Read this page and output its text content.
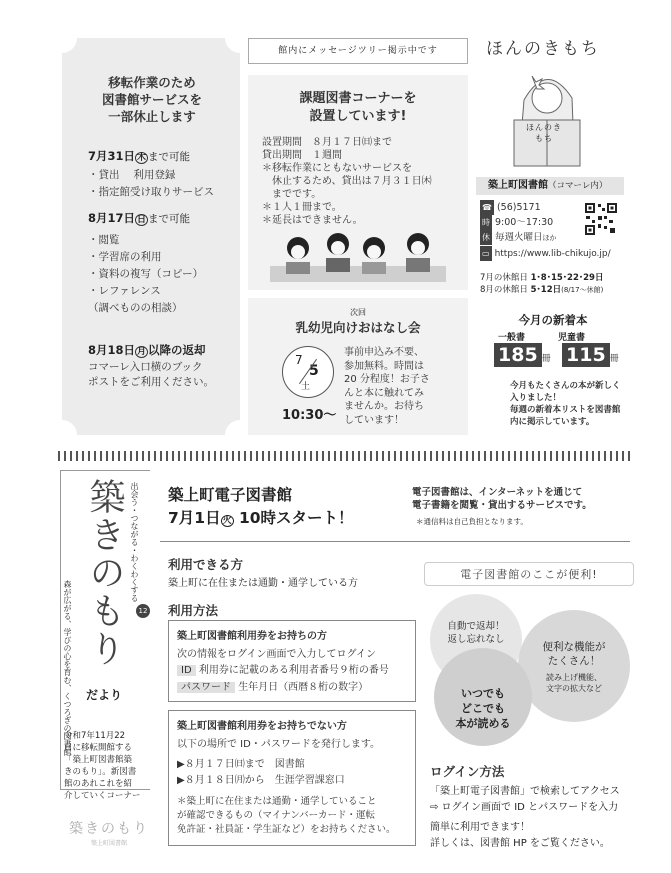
移転作業のため
図書館サービスを
一部休止します
7月31日 木 まで可能
・ 貸出　 利用登録
・ 指定館受け取りサービス
8月17日 日 まで可能
・ 閲覧
・ 学習席の利用
・ 資料の複写（コピー）
・ レファレンス
（調べものの相談）
8月18日 月 以降の返却
コマーレ入口横のブック
ポストをご利用ください。
館内にメッセージツリー掲示中です
課題図書コーナーを
設置しています!
設置期間　８月１７日㈰まで
貸出期間　１週間
＊移転作業にともないサービスを
　休止するため、貸出は７月３１日㈭
　までです。
＊１人１冊まで。
＊延長はできません。
次回
乳幼児向けおはなし会
7
5
土
10:30～
事前申込み不要、
参加無料。時間は
20 分程度！お子さ
んと本に触れてみ
ませんか。お待ち
しています！
ほんのきもち
ほんのきもち
築上町図書館（コマーレ内）
☎ (56)5171
時 9:00～17:30
休 毎週火曜日ほか
▭ https://www.lib-chikujo.jp/
7月の休館日 1･8･15･22･29日
8月の休館日 5･12日(8/17～休館)
今月の新着本
一般書	児童書
185 冊 115 冊
今月もたくさんの本が新しく
入りました！
毎週の新着本リストを図書館
内に掲示しています。
築きのもり
だより
出会う・つながる・わくわくする
森が広がる、学びの心を育む、くつろぎの図書館	12
令和7年11月22
日に移転開館する
「築上町図書館築
きのもり」。新図書
館のあれこれを紹
介していくコーナー
築きのもり
築上町図書館
築上町電子図書館
7月1日 火 10時スタート！
電子図書館は、インターネットを通じて
電子書籍を閲覧・貸出するサービスです。
＊通信料は自己負担となります。
利用できる方
築上町に在住または通勤・通学している方
利用方法
築上町図書館利用券をお持ちの方
次の情報をログイン画面で入力してログイン
ID 利用券に記載のある利用者番号９桁の番号
パスワード 生年月日（西暦８桁の数字）
築上町図書館利用券をお持ちでない方
以下の場所で ID・パスワードを発行します。
▶８月１７日㈰まで　図書館
▶８月１８日㈪から　生涯学習課窓口
＊築上町に在住または通勤・通学していること
が確認できるもの（マイナンバーカード・運転
免許証・社員証・学生証など）をお持ちください。
電子図書館のここが便利!
自動で返却！
返し忘れなし
便利な機能が
たくさん！
読み上げ機能、
文字の拡大など
いつでも
どこでも
本が読める
ログイン方法
「築上町電子図書館」で検索してアクセス
⇨ ログイン画面で ID とパスワードを入力
簡単に利用できます！
詳しくは、図書館 HP をご覧ください。
